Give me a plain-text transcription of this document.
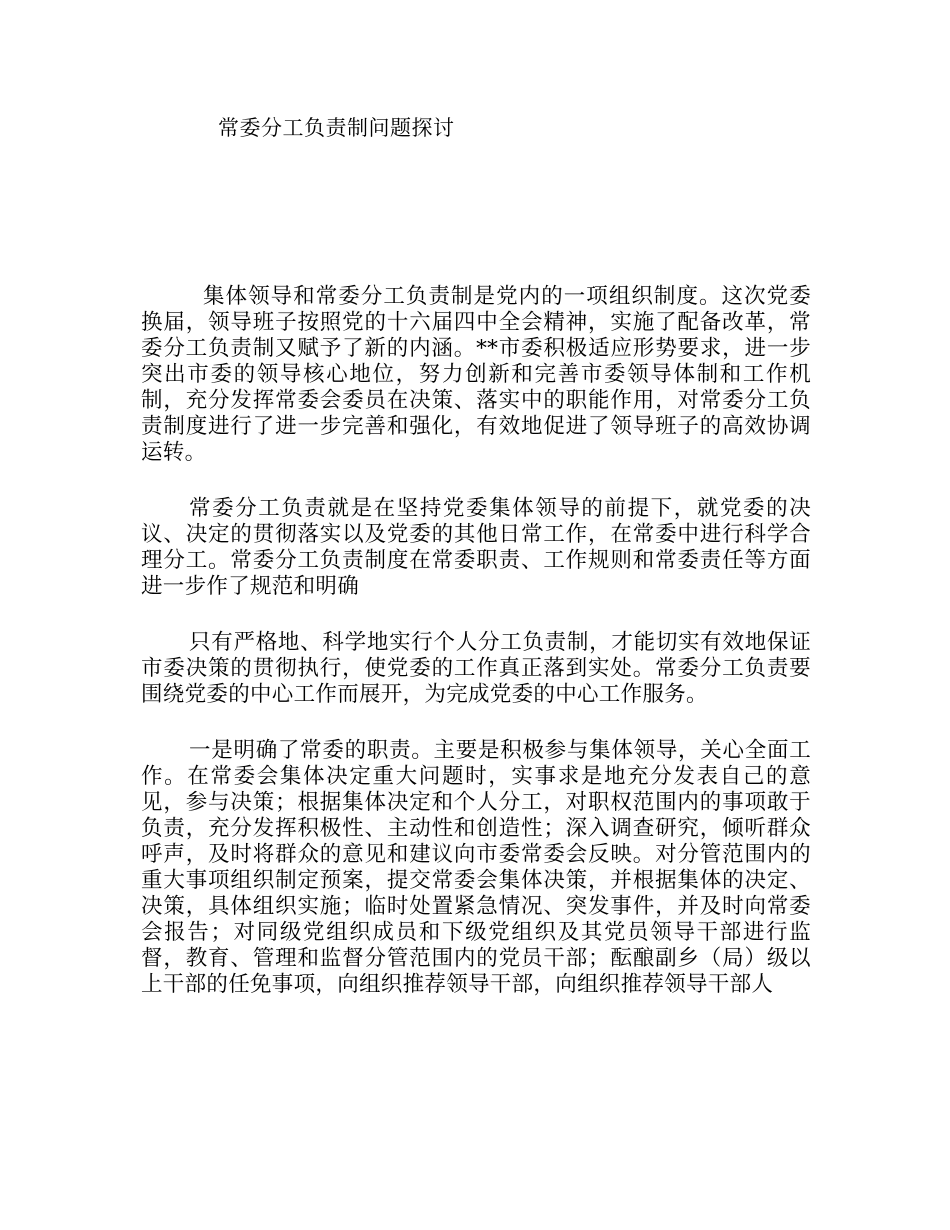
常委分工负责制问题探讨

集体领导和常委分工负责制是党内的一项组织制度。这次党委换届，领导班子按照党的十六届四中全会精神，实施了配备改革，常委分工负责制又赋予了新的内涵。**市委积极适应形势要求，进一步突出市委的领导核心地位，努力创新和完善市委领导体制和工作机制，充分发挥常委会委员在决策、落实中的职能作用，对常委分工负责制度进行了进一步完善和强化，有效地促进了领导班子的高效协调运转。

常委分工负责就是在坚持党委集体领导的前提下，就党委的决议、决定的贯彻落实以及党委的其他日常工作，在常委中进行科学合理分工。常委分工负责制度在常委职责、工作规则和常委责任等方面进一步作了规范和明确

只有严格地、科学地实行个人分工负责制，才能切实有效地保证市委决策的贯彻执行，使党委的工作真正落到实处。常委分工负责要围绕党委的中心工作而展开，为完成党委的中心工作服务。

一是明确了常委的职责。主要是积极参与集体领导，关心全面工作。在常委会集体决定重大问题时，实事求是地充分发表自己的意见，参与决策；根据集体决定和个人分工，对职权范围内的事项敢于负责，充分发挥积极性、主动性和创造性；深入调查研究，倾听群众呼声，及时将群众的意见和建议向市委常委会反映。对分管范围内的重大事项组织制定预案，提交常委会集体决策，并根据集体的决定、决策，具体组织实施；临时处置紧急情况、突发事件，并及时向常委会报告；对同级党组织成员和下级党组织及其党员领导干部进行监督，教育、管理和监督分管范围内的党员干部；酝酿副乡（局）级以上干部的任免事项，向组织推荐领导干部，向组织推荐领导干部人
